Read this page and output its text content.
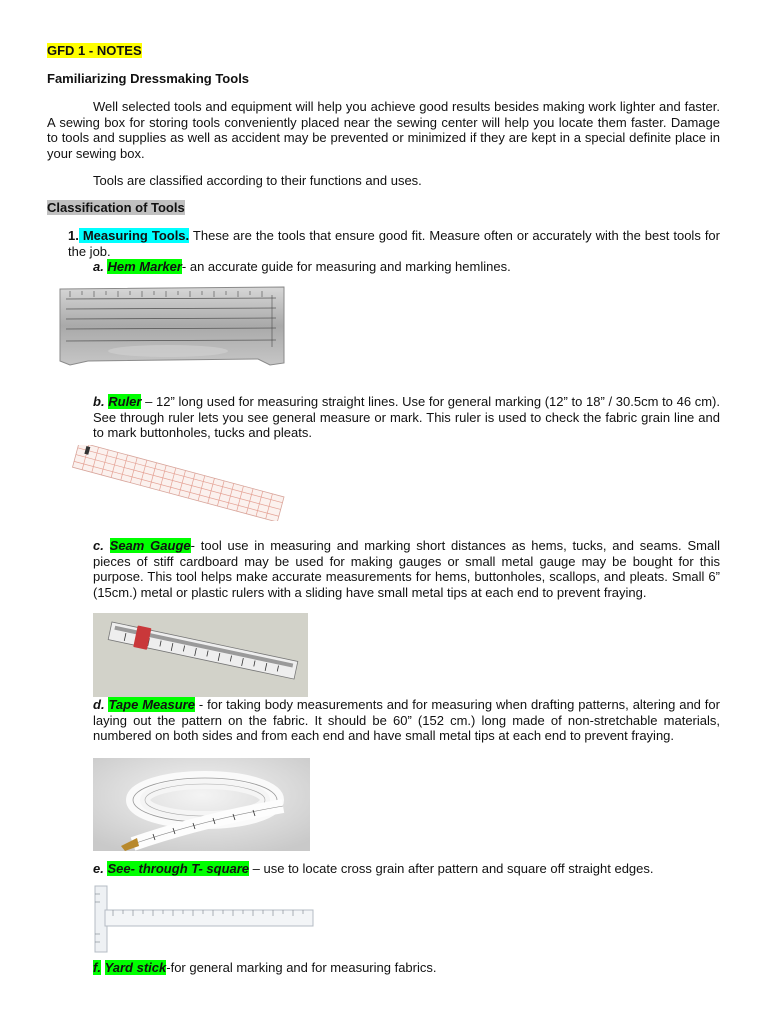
GFD 1 - NOTES
Familiarizing Dressmaking Tools
Well selected tools and equipment will help you achieve good results besides making work lighter and faster. A sewing box for storing tools conveniently placed near the sewing center will help you locate them faster. Damage to tools and supplies as well as accident may be prevented or minimized if they are kept in a special definite place in your sewing box.
Tools are classified according to their functions and uses.
Classification of Tools
1. Measuring Tools. These are the tools that ensure good fit. Measure often or accurately with the best tools for the job.
a. Hem Marker- an accurate guide for measuring and marking hemlines.
b. Ruler – 12” long used for measuring straight lines. Use for general marking (12” to 18” / 30.5cm to 46 cm). See through ruler lets you see general measure or mark. This ruler is used to check the fabric grain line and to mark buttonholes, tucks and pleats.
c. Seam Gauge- tool use in measuring and marking short distances as hems, tucks, and seams. Small pieces of stiff cardboard may be used for making gauges or small metal gauge may be bought for this purpose. This tool helps make accurate measurements for hems, buttonholes, scallops, and pleats. Small 6” (15cm.) metal or plastic rulers with a sliding have small metal tips at each end to prevent fraying.
d. Tape Measure - for taking body measurements and for measuring when drafting patterns, altering and for laying out the pattern on the fabric. It should be 60” (152 cm.) long made of non-stretchable materials, numbered on both sides and from each end and have small metal tips at each end to prevent fraying.
e. See- through T- square – use to locate cross grain after pattern and square off straight edges.
f. Yard stick-for general marking and for measuring fabrics.
